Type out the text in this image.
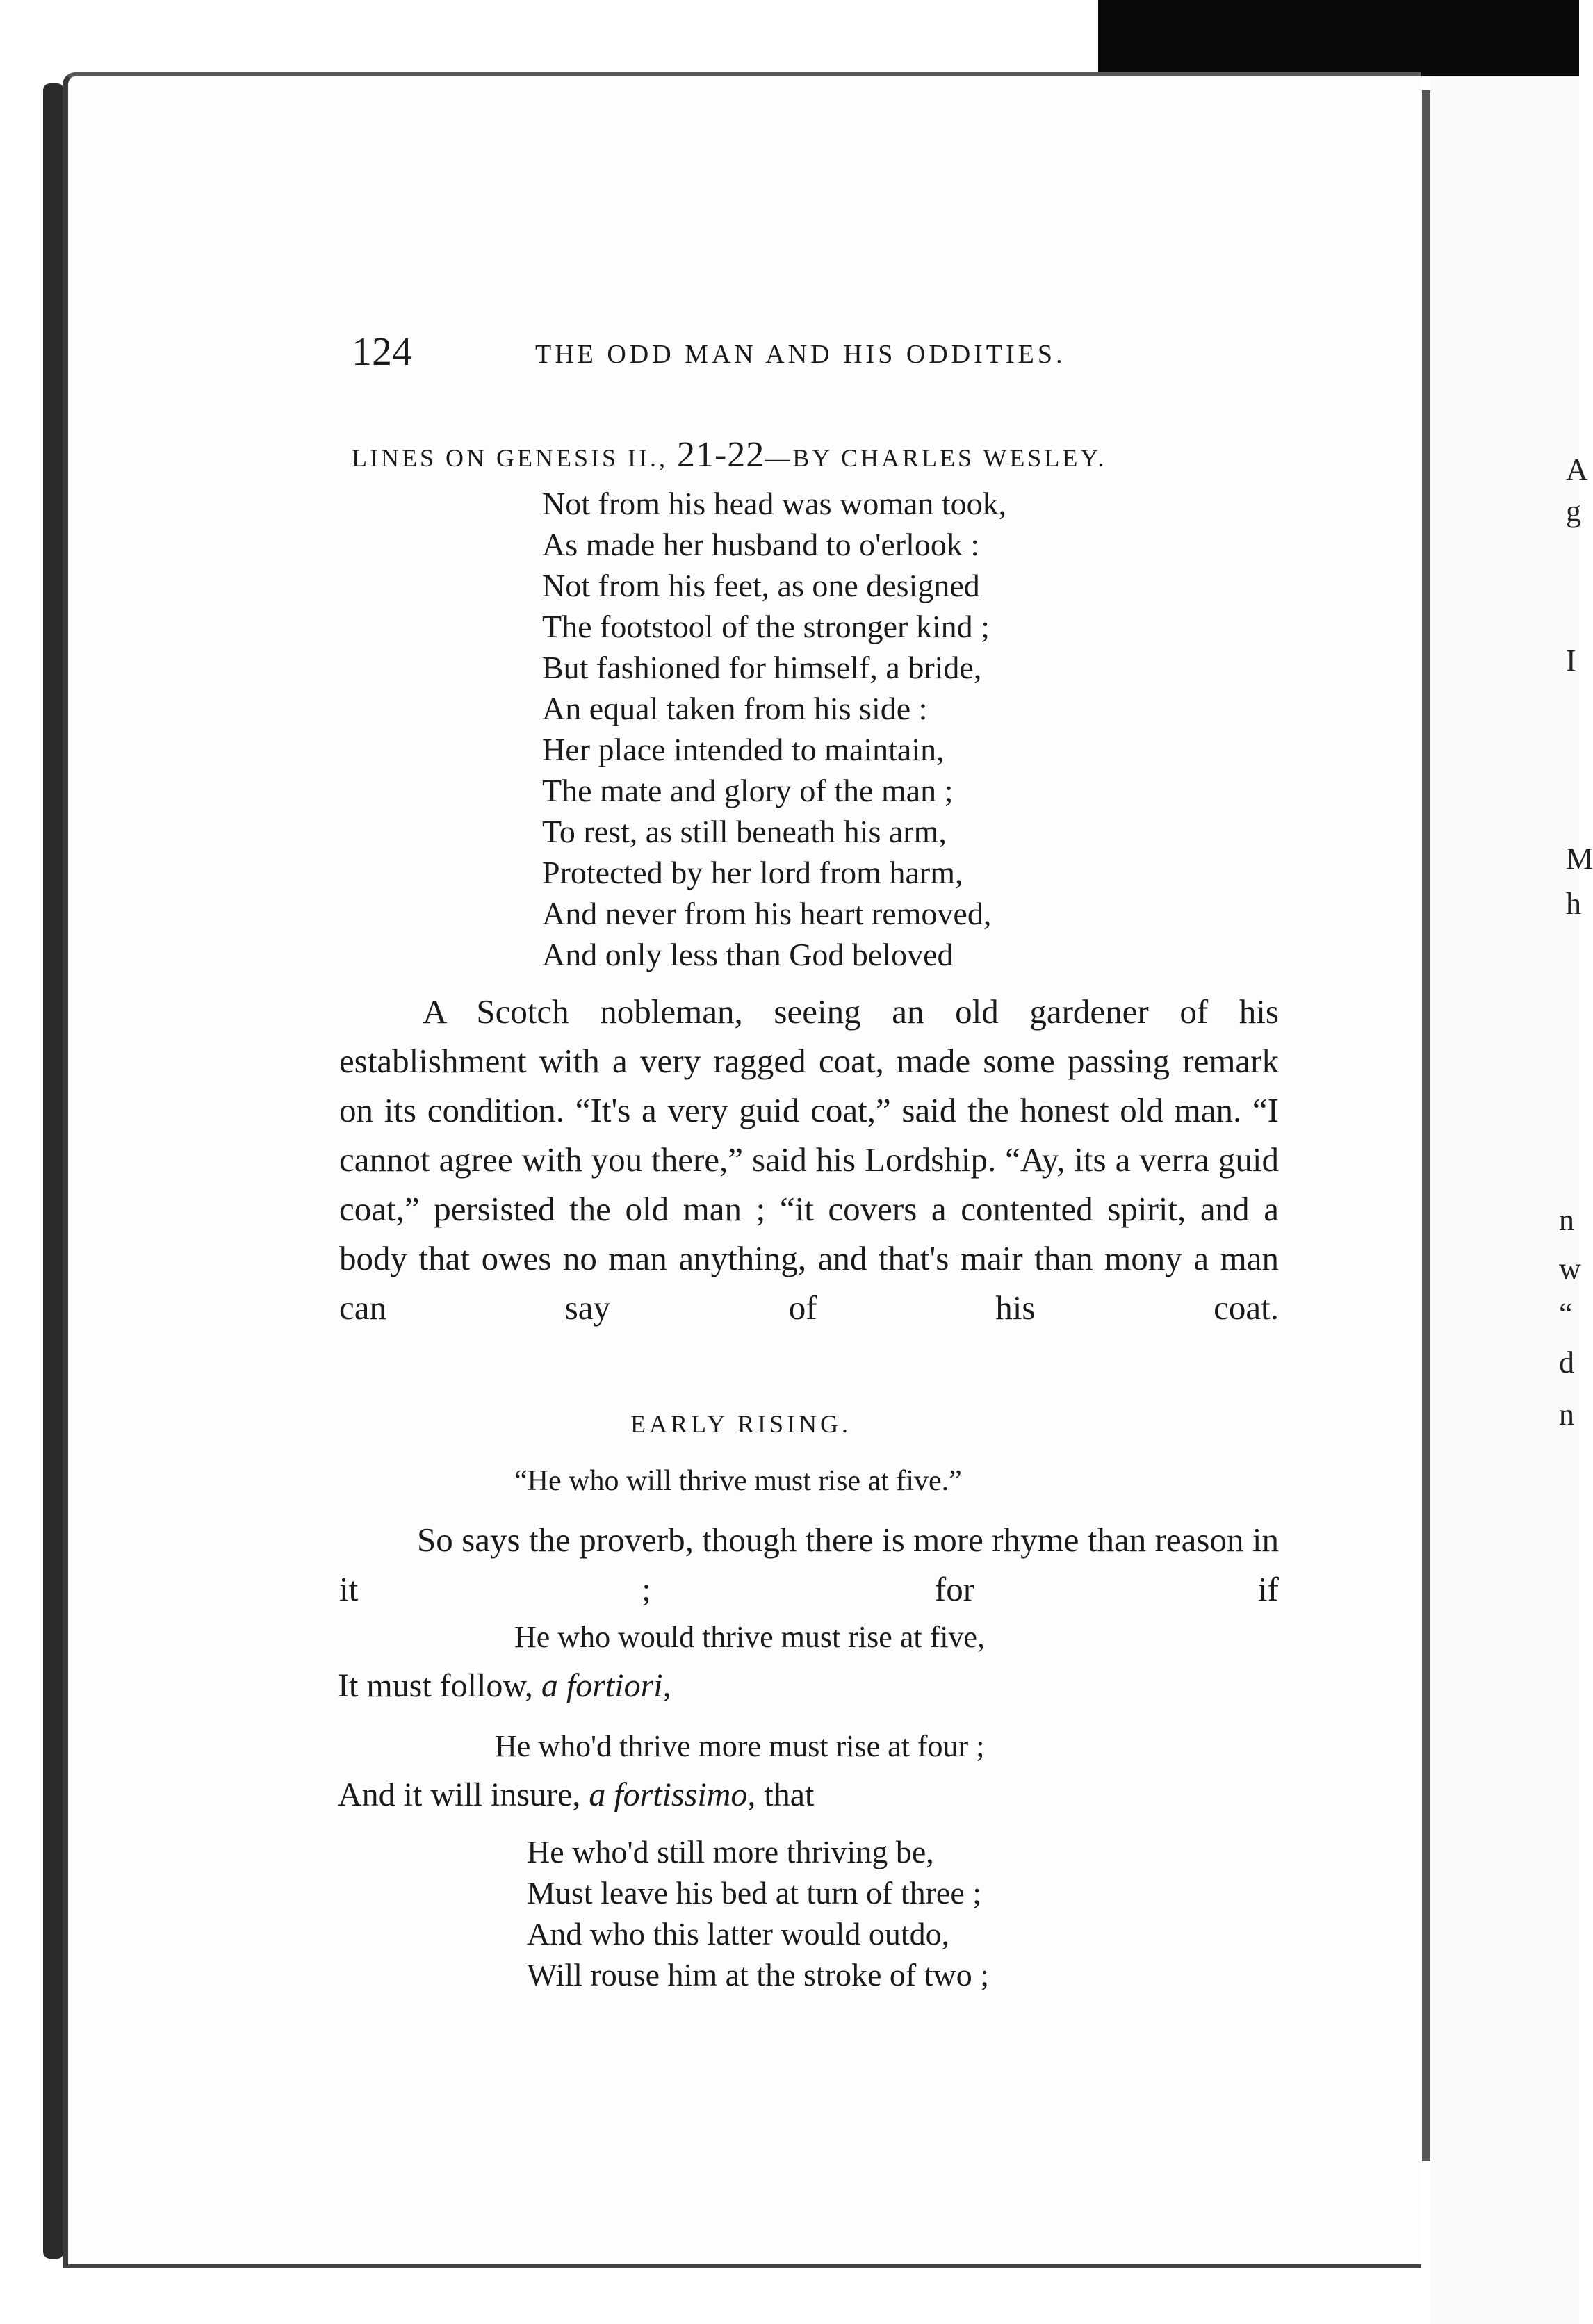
A
g
I
M
h
n
w
“
d
n
124	THE ODD MAN AND HIS ODDITIES.
LINES ON GENESIS II., 21-22—BY CHARLES WESLEY.
Not from his head was woman took,
As made her husband to o'erlook :
Not from his feet, as one designed
The footstool of the stronger kind ;
But fashioned for himself, a bride,
An equal taken from his side :
Her place intended to maintain,
The mate and glory of the man ;
To rest, as still beneath his arm,
Protected by her lord from harm,
And never from his heart removed,
And only less than God beloved

A Scotch nobleman, seeing an old gardener of his establishment with a very ragged coat, made some passing remark on its condition. “It's a very guid coat,” said the honest old man. “I cannot agree with you there,” said his Lordship. “Ay, its a verra guid coat,” persisted the old man ; “it covers a contented spirit, and a body that owes no man anything, and that's mair than mony a man can say of his coat.

EARLY RISING.
“He who will thrive must rise at five.”

So says the proverb, though there is more rhyme than reason in it ; for if

He who would thrive must rise at five,
It must follow, a fortiori,
He who'd thrive more must rise at four ;
And it will insure, a fortissimo, that
He who'd still more thriving be,
Must leave his bed at turn of three ;
And who this latter would outdo,
Will rouse him at the stroke of two ;
